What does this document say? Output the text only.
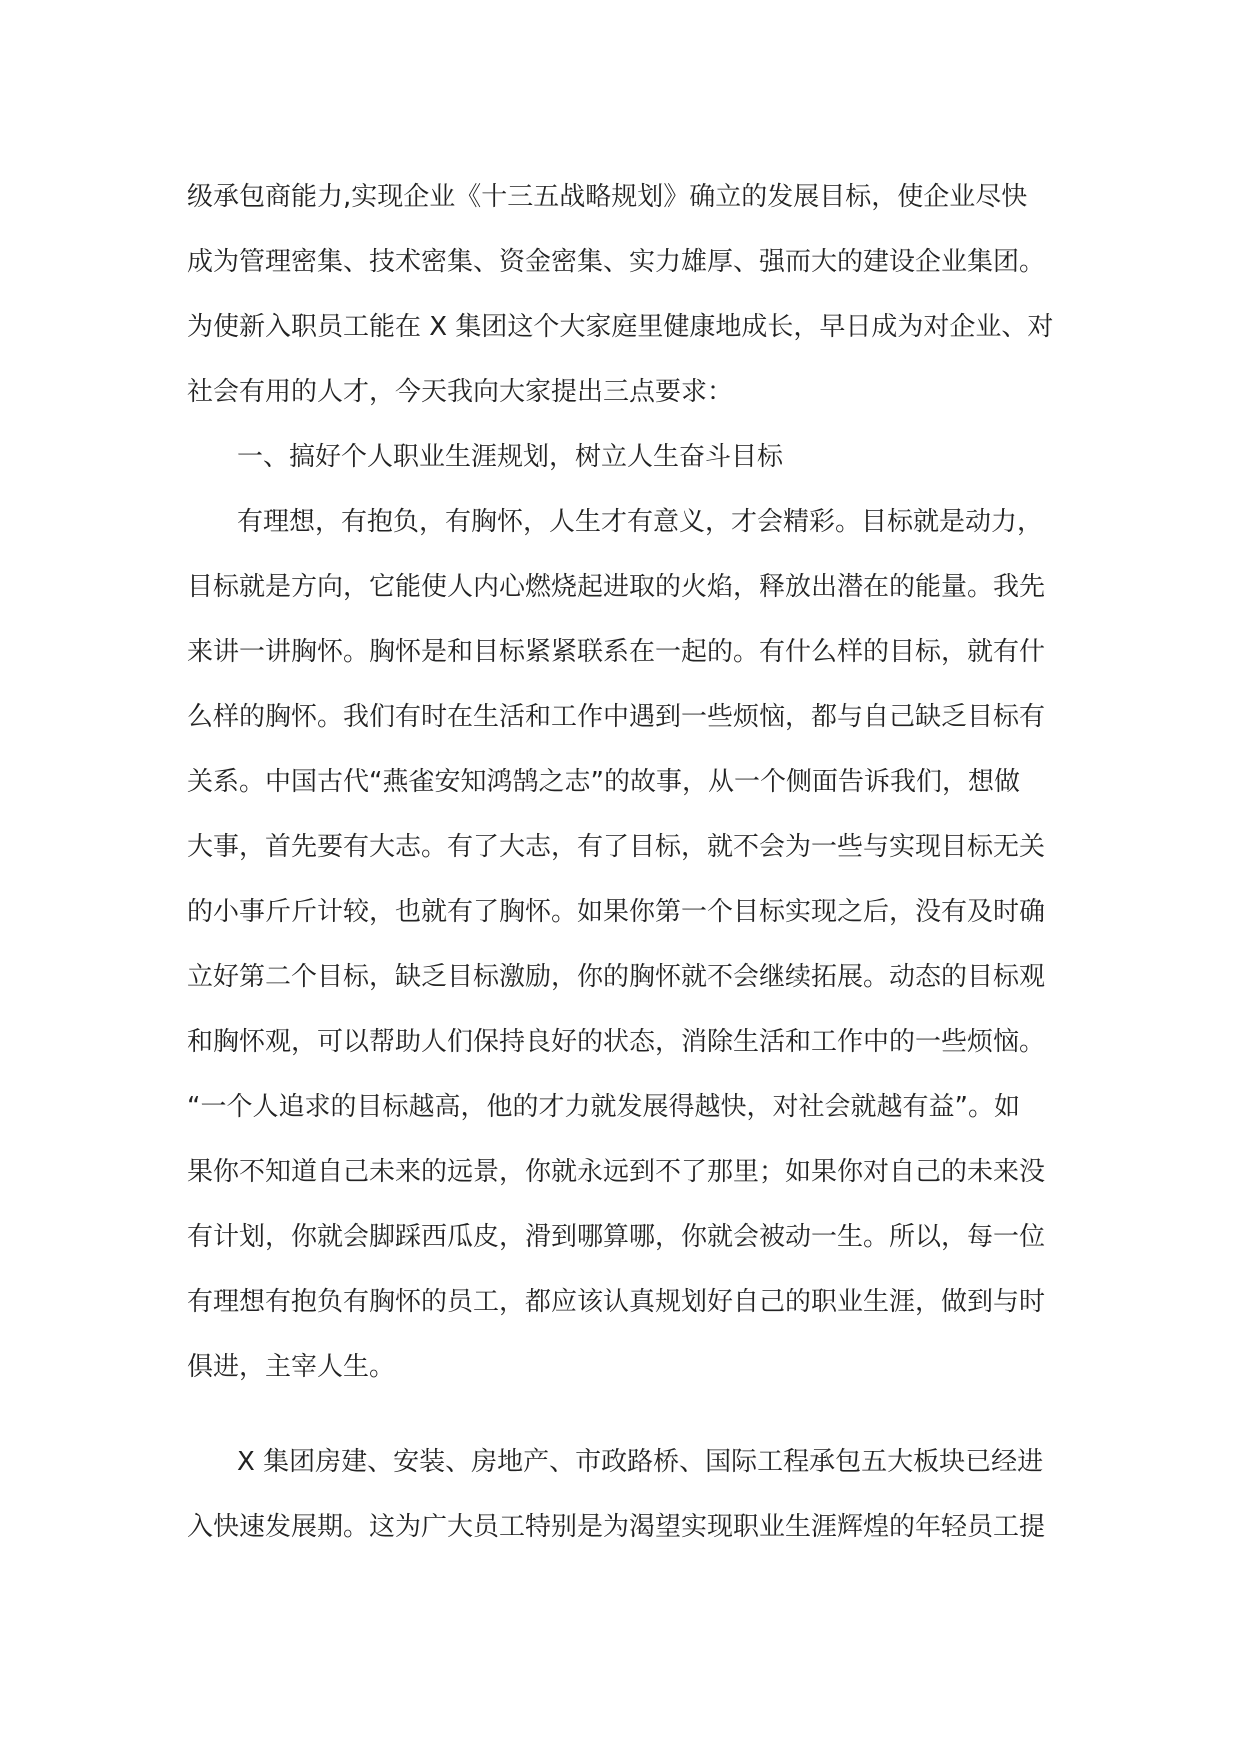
级承包商能力,实现企业《十三五战略规划》确立的发展目标，使企业尽快
成为管理密集、技术密集、资金密集、实力雄厚、强而大的建设企业集团。
为使新入职员工能在 X 集团这个大家庭里健康地成长，早日成为对企业、对
社会有用的人才，今天我向大家提出三点要求：
一、搞好个人职业生涯规划，树立人生奋斗目标
有理想，有抱负，有胸怀，人生才有意义，才会精彩。目标就是动力，
目标就是方向，它能使人内心燃烧起进取的火焰，释放出潜在的能量。我先
来讲一讲胸怀。胸怀是和目标紧紧联系在一起的。有什么样的目标，就有什
么样的胸怀。我们有时在生活和工作中遇到一些烦恼，都与自己缺乏目标有
关系。中国古代“燕雀安知鸿鹄之志”的故事，从一个侧面告诉我们，想做
大事，首先要有大志。有了大志，有了目标，就不会为一些与实现目标无关
的小事斤斤计较，也就有了胸怀。如果你第一个目标实现之后，没有及时确
立好第二个目标，缺乏目标激励，你的胸怀就不会继续拓展。动态的目标观
和胸怀观，可以帮助人们保持良好的状态，消除生活和工作中的一些烦恼。
“一个人追求的目标越高，他的才力就发展得越快，对社会就越有益”。如
果你不知道自己未来的远景，你就永远到不了那里；如果你对自己的未来没
有计划，你就会脚踩西瓜皮，滑到哪算哪，你就会被动一生。所以，每一位
有理想有抱负有胸怀的员工，都应该认真规划好自己的职业生涯，做到与时
俱进，主宰人生。
X 集团房建、安装、房地产、市政路桥、国际工程承包五大板块已经进
入快速发展期。这为广大员工特别是为渴望实现职业生涯辉煌的年轻员工提
